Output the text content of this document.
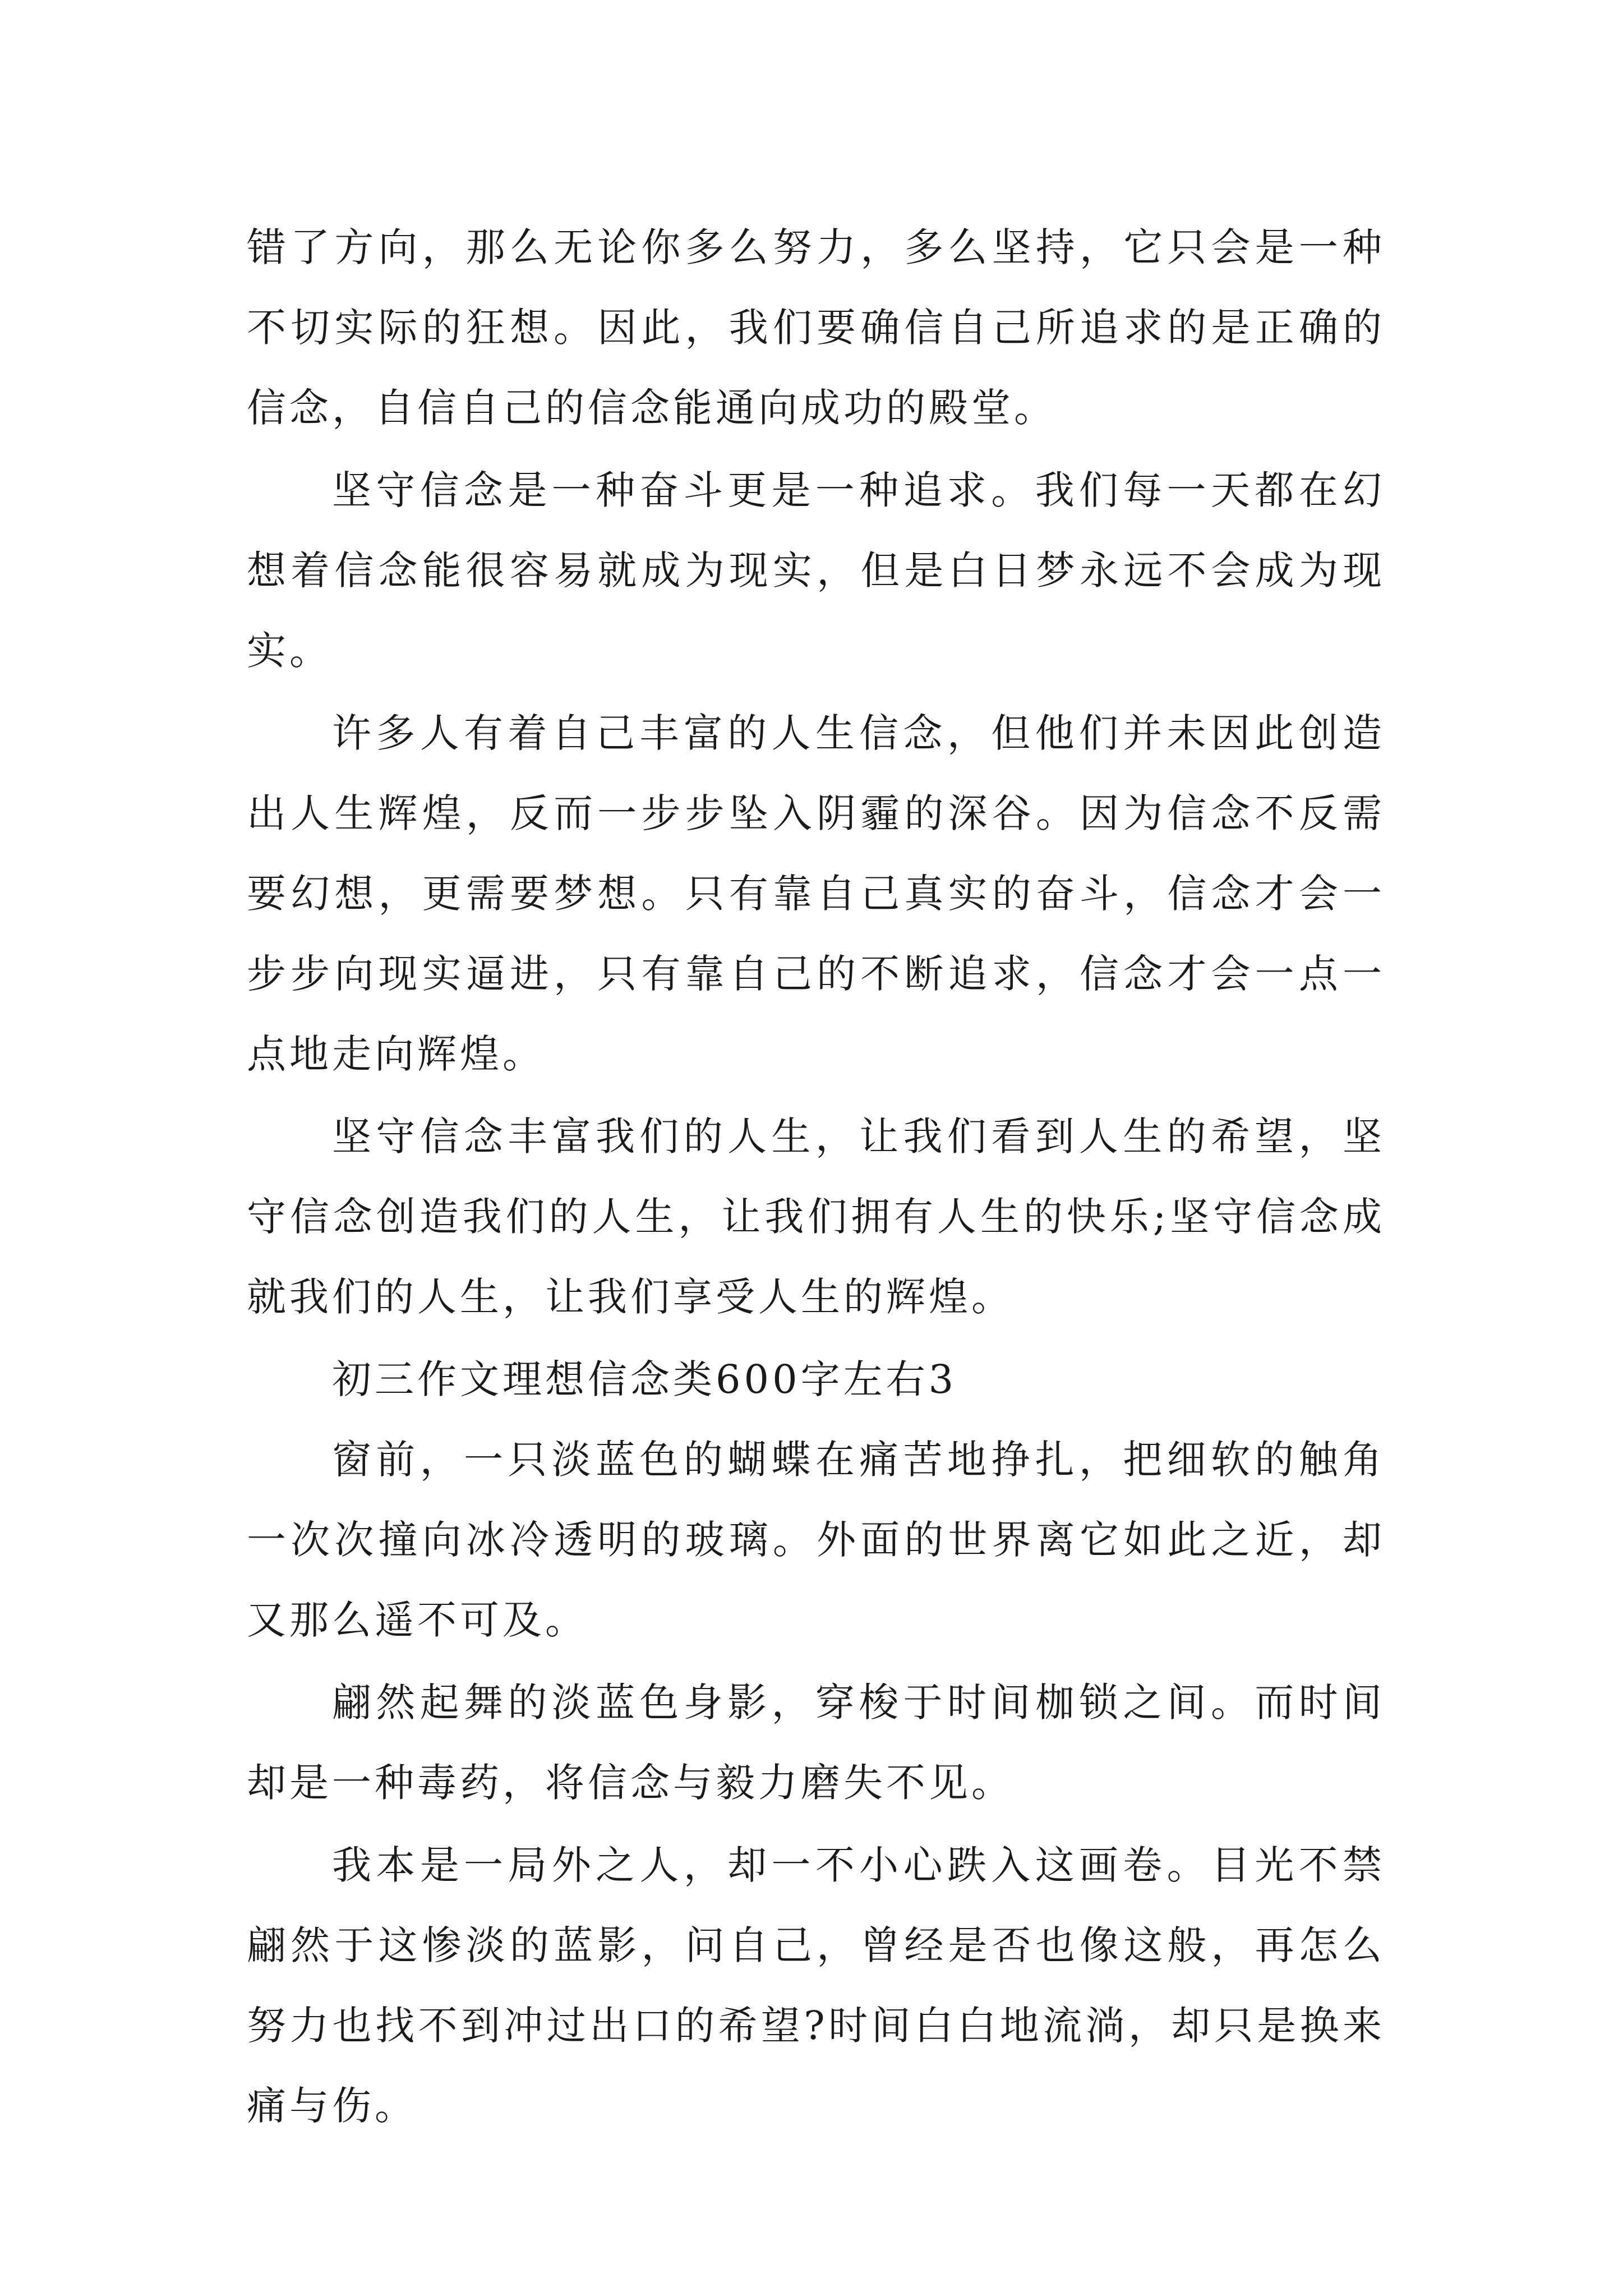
错了方向，那么无论你多么努力，多么坚持，它只会是一种不切实际的狂想。因此，我们要确信自己所追求的是正确的信念，自信自己的信念能通向成功的殿堂。

坚守信念是一种奋斗更是一种追求。我们每一天都在幻想着信念能很容易就成为现实，但是白日梦永远不会成为现实。

许多人有着自己丰富的人生信念，但他们并未因此创造出人生辉煌，反而一步步坠入阴霾的深谷。因为信念不反需要幻想，更需要梦想。只有靠自己真实的奋斗，信念才会一步步向现实逼进，只有靠自己的不断追求，信念才会一点一点地走向辉煌。

坚守信念丰富我们的人生，让我们看到人生的希望，坚守信念创造我们的人生，让我们拥有人生的快乐;坚守信念成就我们的人生，让我们享受人生的辉煌。

初三作文理想信念类600字左右3

窗前，一只淡蓝色的蝴蝶在痛苦地挣扎，把细软的触角一次次撞向冰冷透明的玻璃。外面的世界离它如此之近，却又那么遥不可及。

翩然起舞的淡蓝色身影，穿梭于时间枷锁之间。而时间却是一种毒药，将信念与毅力磨失不见。

我本是一局外之人，却一不小心跌入这画卷。目光不禁翩然于这惨淡的蓝影，问自己，曾经是否也像这般，再怎么努力也找不到冲过出口的希望?时间白白地流淌，却只是换来痛与伤。
